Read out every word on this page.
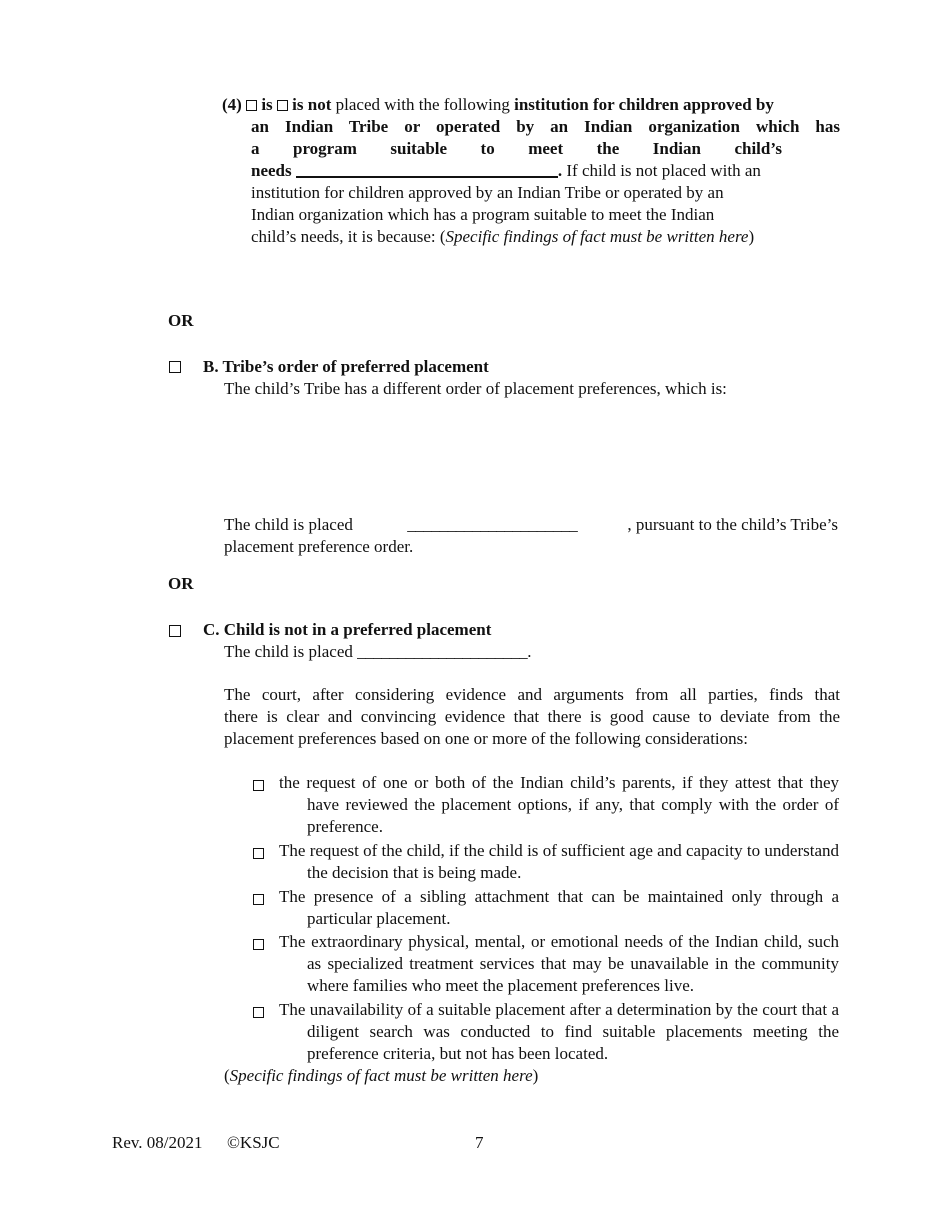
(4) is is not placed with the following institution for children approved by
an Indian Tribe or operated by an Indian organization which has
a program suitable to meet the Indian child’s
needs	. If child is not placed with an
institution for children approved by an Indian Tribe or operated by an
Indian organization which has a program suitable to meet the Indian
child’s needs, it is because: (Specific findings of fact must be written here)
OR
B. Tribe’s order of preferred placement
The child’s Tribe has a different order of placement preferences, which is:
The child is placed	_____________________	, pursuant to the child’s Tribe’s
placement preference order.
OR
C. Child is not in a preferred placement
The child is placed _____________________.
The court, after considering evidence and arguments from all parties, finds that
there is clear and convincing evidence that there is good cause to deviate from the
placement preferences based on one or more of the following considerations:
the request of one or both of the Indian child’s parents, if they attest that they have reviewed the placement options, if any, that comply with the order of preference.
The request of the child, if the child is of sufficient age and capacity to understand the decision that is being made.
The presence of a sibling attachment that can be maintained only through a particular placement.
The extraordinary physical, mental, or emotional needs of the Indian child, such as specialized treatment services that may be unavailable in the community where families who meet the placement preferences live.
The unavailability of a suitable placement after a determination by the court that a diligent search was conducted to find suitable placements meeting the preference criteria, but not has been located.
(Specific findings of fact must be written here)
Rev. 08/2021 ©KSJC	7
